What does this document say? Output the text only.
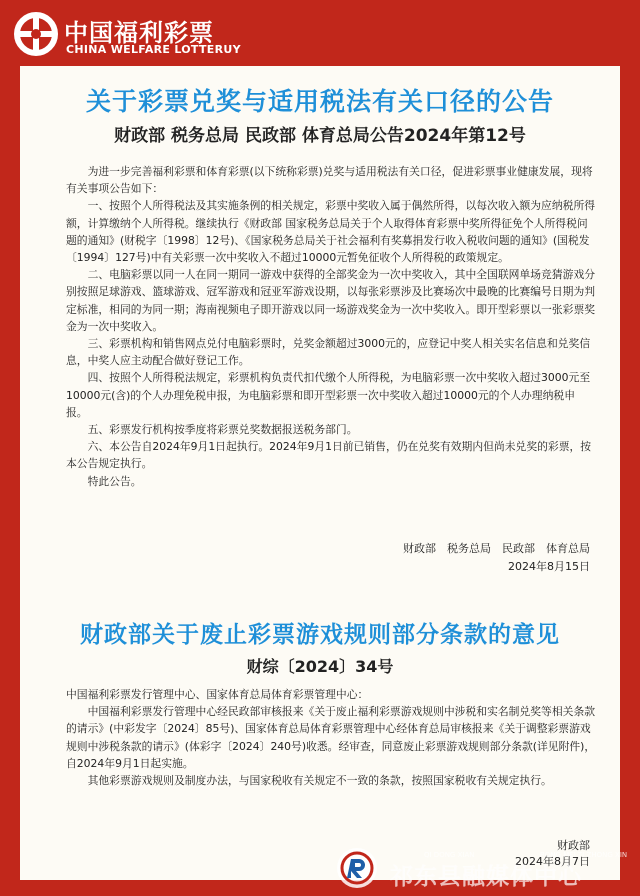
中国福利彩票
CHINA WELFARE LOTTERUY
关于彩票兑奖与适用税法有关口径的公告
财政部 税务总局 民政部 体育总局公告2024年第12号

为进一步完善福利彩票和体育彩票(以下统称彩票)兑奖与适用税法有关口径，促进彩票事业健康发展，现将有关事项公告如下：

一、按照个人所得税法及其实施条例的相关规定，彩票中奖收入属于偶然所得，以每次收入额为应纳税所得额，计算缴纳个人所得税。继续执行《财政部 国家税务总局关于个人取得体育彩票中奖所得征免个人所得税问题的通知》(财税字〔1998〕12号)、《国家税务总局关于社会福利有奖募捐发行收入税收问题的通知》(国税发〔1994〕127号)中有关彩票一次中奖收入不超过10000元暂免征收个人所得税的政策规定。

二、电脑彩票以同一人在同一期同一游戏中获得的全部奖金为一次中奖收入，其中全国联网单场竞猜游戏分别按照足球游戏、篮球游戏、冠军游戏和冠亚军游戏设期，以每张彩票涉及比赛场次中最晚的比赛编号日期为判定标准，相同的为同一期；海南视频电子即开游戏以同一场游戏奖金为一次中奖收入。即开型彩票以一张彩票奖金为一次中奖收入。

三、彩票机构和销售网点兑付电脑彩票时，兑奖金额超过3000元的，应登记中奖人相关实名信息和兑奖信息，中奖人应主动配合做好登记工作。

四、按照个人所得税法规定，彩票机构负责代扣代缴个人所得税，为电脑彩票一次中奖收入超过3000元至10000元(含)的个人办理免税申报，为电脑彩票和即开型彩票一次中奖收入超过10000元的个人办理纳税申报。

五、彩票发行机构按季度将彩票兑奖数据报送税务部门。

六、本公告自2024年9月1日起执行。2024年9月1日前已销售，仍在兑奖有效期内但尚未兑奖的彩票，按本公告规定执行。

特此公告。

财政部　税务总局　民政部　体育总局
2024年8月15日
财政部关于废止彩票游戏规则部分条款的意见
财综〔2024〕34号

中国福利彩票发行管理中心、国家体育总局体育彩票管理中心：

中国福利彩票发行管理中心经民政部审核报来《关于废止福利彩票游戏规则中涉税和实名制兑奖等相关条款的请示》(中彩发字〔2024〕85号)、国家体育总局体育彩票管理中心经体育总局审核报来《关于调整彩票游戏规则中涉税条款的请示》(体彩字〔2024〕240号)收悉。经审查，同意废止彩票游戏规则部分条款(详见附件)，自2024年9月1日起实施。

其他彩票游戏规则及制度办法，与国家税收有关规定不一致的条款，按照国家税收有关规定执行。

财政部
2024年8月7日
QI DONG XIAN	RONG MEI TI ZHONG XIN
祁东县融媒体中心
